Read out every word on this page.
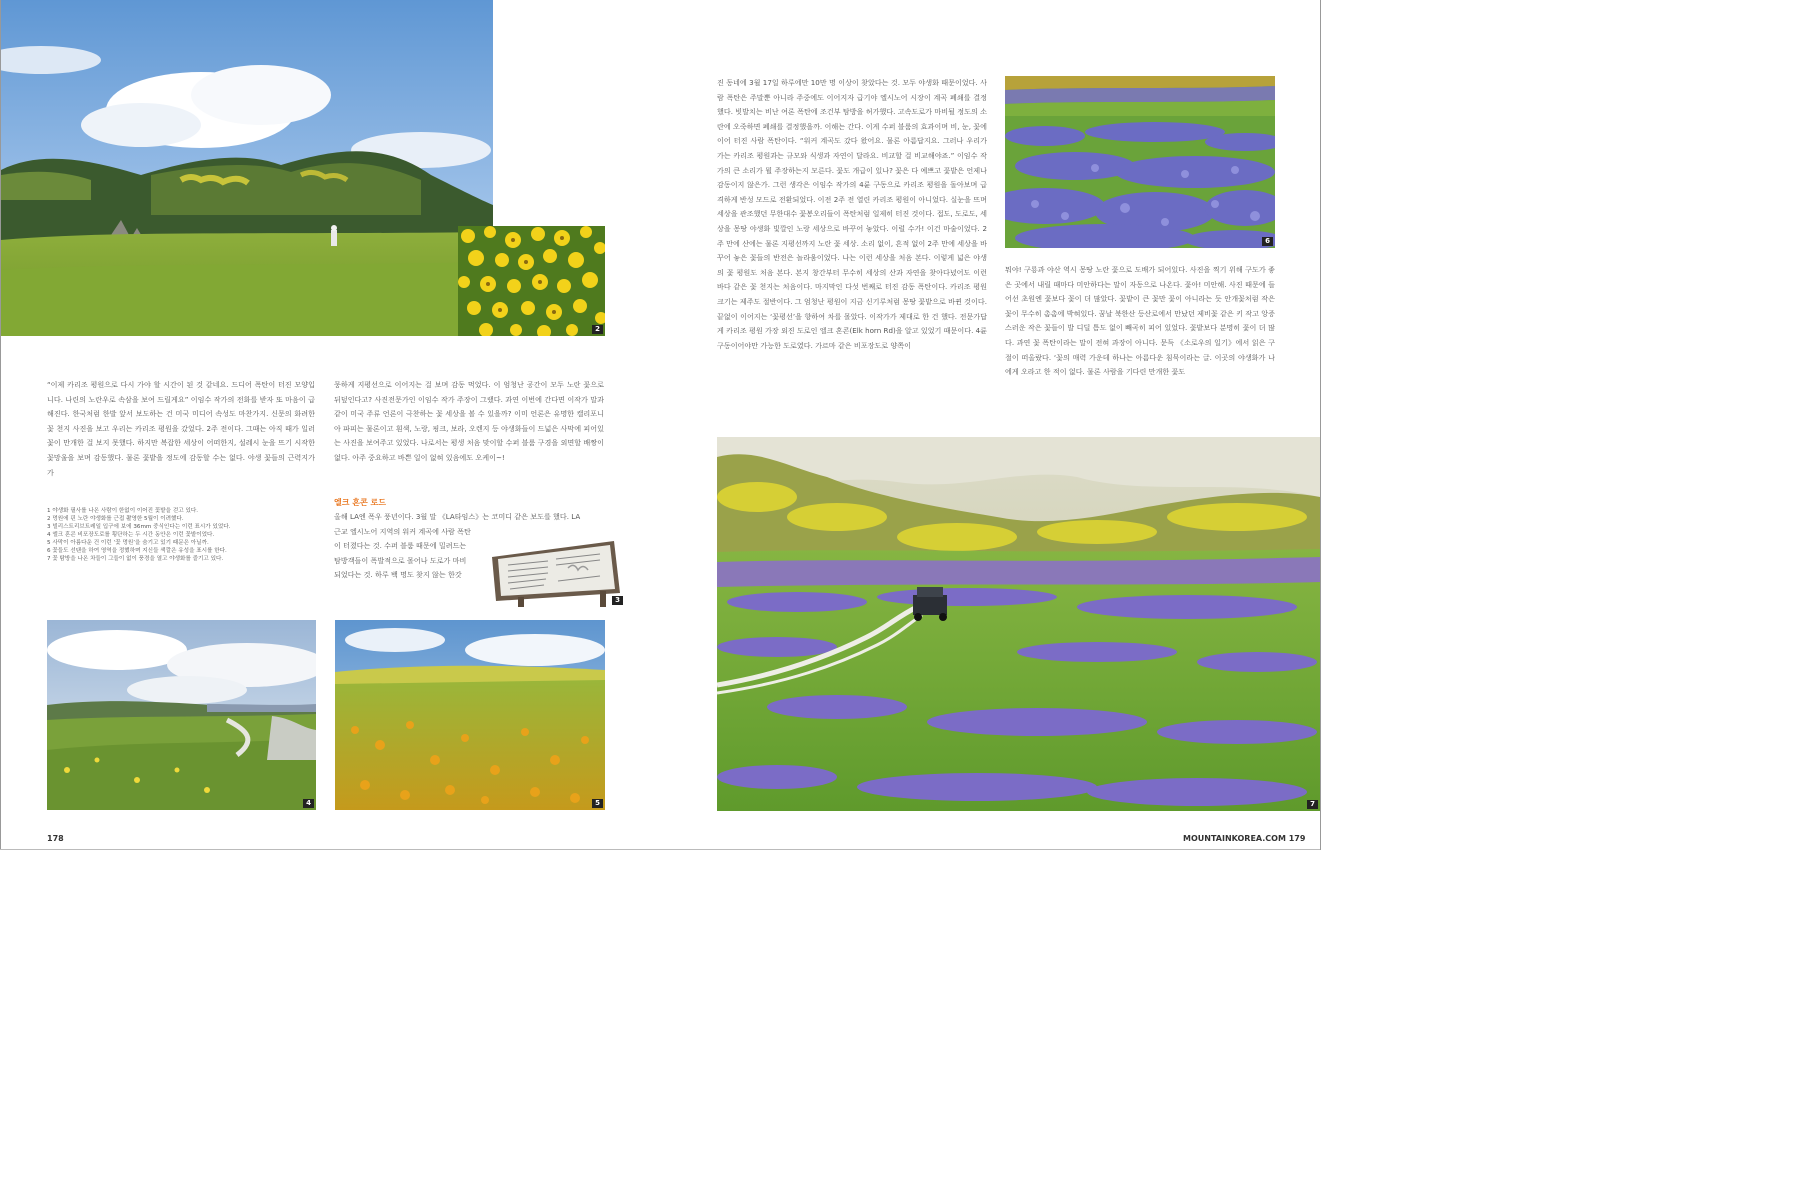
2

“이제 카리조 평원으로 다시 가야 할 시간이 된 것 같네요. 드디어 폭탄이 터진 모양입니다. 나린의 노란우로 속삼을 보여 드릴게요” 이임수 작가의 전화를 받자 또 마음이 급해진다. 한국처럼 한발 앞서 보도하는 건 미국 미디어 속성도 마찬가지. 신문의 화려한 꽃 천지 사진을 보고 우리는 카리조 평원을 갔었다. 2주 전이다. 그때는 아직 때가 일러 꽃이 만개한 걸 보지 못했다. 하지만 복잡한 세상이 어떠한지, 설레시 눈을 뜨기 시작한 꽃망울을 보며 감동했다. 물론 꽃밭을 정도에 감동할 수는 없다. 야생 꽃들의 근력지가 가

뭉하게 지평선으로 이어지는 걸 보며 감동 먹었다. 이 엄청난 공간이 모두 노란 꽃으로 뒤덮인다고? 사진전문가인 이임수 작가 주장이 그랬다. 과연 이번에 간다면 이작가 말과 같이 미국 주류 언론이 극찬하는 꽃 세상을 볼 수 있을까? 이미 언론은 유명한 캘리포니아 파피는 물론이고 흰색, 노랑, 핑크, 보라, 오렌지 등 야생화들이 드넓은 사막에 피어있는 사진을 보여주고 있었다. 나로서는 평생 처음 맞이할 수퍼 블룸 구경을 외면할 배짱이 없다. 아주 중요하고 바쁜 일이 없혀 있음에도 오케이~!

1 야생화 필사를 나온 사람이 한없이 이어진 꽃밭을 걷고 있다.
2 멍원에 핀 노란 야생화를 근접 촬영한 5월이 이려했다.
3 빌리스트리브트레일 입구에 보에 36mm 중식인다는 이런 표시가 있었다.
4 엘크 혼콘 비포장도로를 횡단하는 두 시간 동안은 이런 꽃밭이었다.
5 사막이 아름다운 건 이런 ‘꽃 멍원’을 숨기고 있기 때문은 아닐까.
6 꽃들도 선탠을 하여 영역을 정했하며 지신들 색깔은 유성을 표시를 한다.
7 꽃 탐방을 나온 차들이 그들이 없이 풍경을 열고 야생화를 즐기고 있다.
엘크 혼콘 로드
올해 LA엔 폭우 풍년이다. 3월 말 《LA타임스》는 코미디 같은 보도를 했다. LA
근교 엘시노어 지역의 워커 계곡에 사람 폭탄
이 터졌다는 것. 수퍼 블룸 때문에 밀려드는
탐방객들이 폭발적으로 몰어나 도로가 마비
되었다는 것. 하루 백 명도 찾지 않는 한갓
3
4	5
178

진 동네에 3월 17일 하루에만 10만 명 이상이 찾았다는 것. 모두 야생화 때문이었다. 사람 폭탄은 주말뿐 아니라 주중에도 이어지자 급기야 엘시노어 시장이 계곡 폐쇄를 결정했다. 빗발치는 비난 여론 폭탄에 조건부 탐방을 허가했다. 고속도로가 마비될 정도의 소란에 오죽하면 폐쇄를 결정했을까. 이해는 간다. 이게 수퍼 블룸의 효과이며 비, 눈, 꽃에 이어 터진 사람 폭탄이다. “워커 계곡도 갔다 왔어요. 물론 아름답지요. 그러나 우리가 가는 카리조 평원과는 규모와 식생과 자연이 달라요. 비교할 걸 비교해야죠.” 이임수 작가의 큰 소리가 뭘 주장하는지 모른다. 꽃도 개급이 있나? 꽃은 다 예쁘고 꽃밭은 언제나 감동이지 않은가. 그런 생각은 이임수 작가의 4륜 구동으로 카리조 평원을 돌아보며 급격하게 반성 모드로 전환되었다. 이전 2주 전 열린 카리조 평원이 아니었다. 실눈을 뜨며 세상을 관조했던 무한대수 꽃봉오리들이 폭탄처럼 일제히 터진 것이다. 접도, 도로도, 세상을 몽땅 야생화 빛깔인 노랑 세상으로 바꾸어 놓았다. 이럴 수가! 이건 마술이었다. 2주 만에 산에는 물론 지평선까지 노란 꽃 세상. 소리 없이, 흔적 없이 2주 만에 세상을 바꾸어 놓은 꽃들의 반전은 놀라움이었다. 나는 이런 세상을 처음 본다. 이렇게 넓은 야생의 꽃 평원도 처음 본다. 본지 창간부터 무수히 세상의 산과 자연을 찾아다녔어도 이런 바다 같은 꽃 천지는 처음이다. 마지막인 다섯 번째로 터진 감동 폭탄이다. 카리조 평원 크기는 제주도 절반이다. 그 엄청난 평원이 지금 신기루처럼 몽땅 꽃밭으로 바뀐 것이다. 끝없이 이어지는 ‘꽃평선’을 향하여 차를 몰았다. 이작가가 제대로 한 건 했다. 전문가답게 카리조 평원 가장 외진 도로인 엘크 혼콘(Elk horn Rd)을 알고 있었기 때문이다. 4륜 구동이어야만 가능한 도로였다. 가르마 같은 비포장도로 양쪽이

6

뭐야! 구룡과 야산 역시 몽땅 노란 꽃으로 도배가 되어있다. 사진을 찍기 위해 구도가 좋은 곳에서 내릴 때마다 미안하다는 말이 자동으로 나온다. 꽃아! 미안해. 사진 때문에 들어선 초원엔 꽃보다 꽃이 더 많았다. 꽃밭이 큰 꽃만 꽃이 아니라는 듯 안개꽃처럼 작은 꽃이 무수히 촘촘에 박혀있다. 꿈날 북한산 등산로에서 만났던 제비꽃 같은 키 작고 앙증스러운 작은 꽃들이 발 디딜 틈도 없이 빼곡히 피어 있었다. 꽃밭보다 분명히 꽃이 더 많다. 과연 꽃 폭탄이라는 말이 전혀 과장이 아니다. 문득 《소로우의 일기》에서 읽은 구절이 떠올랐다. ‘꽃의 매력 가운데 하나는 아름다운 침묵이라는 글. 이곳의 야생화가 나에게 오라고 한 적이 없다. 물론 사람을 기다린 만개한 꽃도

7
MOUNTAINKOREA.COM 179
